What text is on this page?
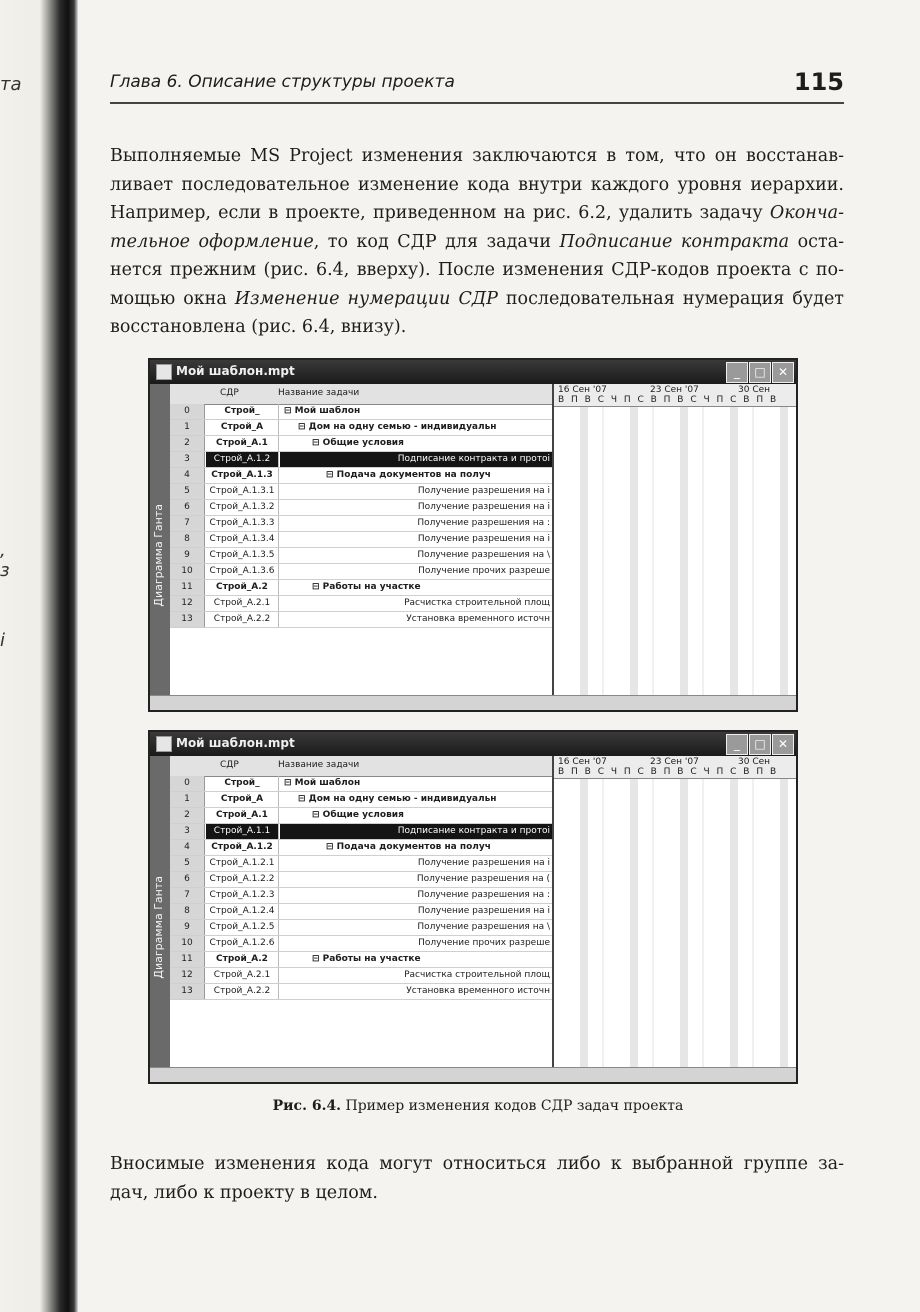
та
,
з
і
Глава 6. Описание структуры проекта	115
Выполняемые MS Project изменения заключаются в том, что он восстанав- ливает последовательное изменение кода внутри каждого уровня иерархии. Например, если в проекте, приведенном на рис. 6.2, удалить задачу Оконча- тельное оформление, то код СДР для задачи Подписание контракта оста- нется прежним (рис. 6.4, вверху). После изменения СДР-кодов проекта с по- мощью окна Изменение нумерации СДР последовательная нумерация будет восстановлена (рис. 6.4, внизу).
Мой шаблон.mpt	_	□	✕
Диаграмма Ганта
СДР	Название задачи
0	Строй_	⊟ Мой шаблон
1	Строй_А	⊟ Дом на одну семью - индивидуальн
2	Строй_А.1	⊟ Общие условия
3	Строй_А.1.2	Подписание контракта и протоі
4	Строй_А.1.3	⊟ Подача документов на получ
5	Строй_А.1.3.1	Получение разрешения на і
6	Строй_А.1.3.2	Получение разрешения на і
7	Строй_А.1.3.3	Получение разрешения на :
8	Строй_А.1.3.4	Получение разрешения на і
9	Строй_А.1.3.5	Получение разрешения на \
10	Строй_А.1.3.6	Получение прочих разреше
11	Строй_А.2	⊟ Работы на участке
12	Строй_А.2.1	Расчистка строительной площ
13	Строй_А.2.2	Установка временного источн
16 Сен '07	23 Сен '07	30 Сен
В П В С Ч П С В П В С Ч П С В П В
Мой шаблон.mpt	_	□	✕
Диаграмма Ганта
СДР	Название задачи
0	Строй_	⊟ Мой шаблон
1	Строй_А	⊟ Дом на одну семью - индивидуальн
2	Строй_А.1	⊟ Общие условия
3	Строй_А.1.1	Подписание контракта и протоі
4	Строй_А.1.2	⊟ Подача документов на получ
5	Строй_А.1.2.1	Получение разрешения на і
6	Строй_А.1.2.2	Получение разрешения на (
7	Строй_А.1.2.3	Получение разрешения на :
8	Строй_А.1.2.4	Получение разрешения на і
9	Строй_А.1.2.5	Получение разрешения на \
10	Строй_А.1.2.6	Получение прочих разреше
11	Строй_А.2	⊟ Работы на участке
12	Строй_А.2.1	Расчистка строительной площ
13	Строй_А.2.2	Установка временного источн
16 Сен '07	23 Сен '07	30 Сен
В П В С Ч П С В П В С Ч П С В П В
Рис. 6.4. Пример изменения кодов СДР задач проекта
Вносимые изменения кода могут относиться либо к выбранной группе за- дач, либо к проекту в целом.
